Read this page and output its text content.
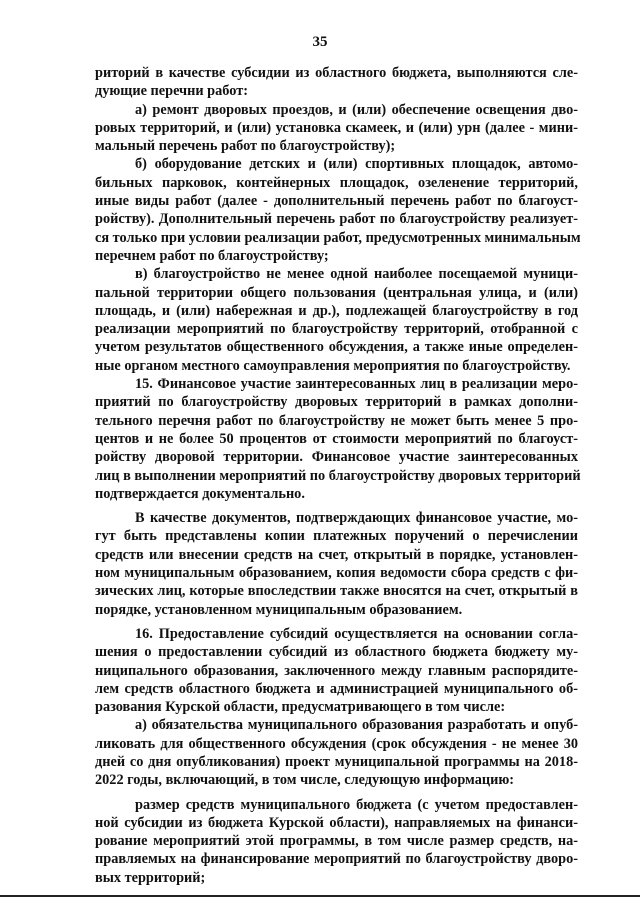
35
риторий в качестве субсидии из областного бюджета, выполняются сле-
дующие перечни работ:
а) ремонт дворовых проездов, и (или) обеспечение освещения дво-
ровых территорий, и (или) установка скамеек, и (или) урн (далее - мини-
мальный перечень работ по благоустройству);
б) оборудование детских и (или) спортивных площадок, автомо-
бильных парковок, контейнерных площадок, озеленение территорий,
иные виды работ (далее - дополнительный перечень работ по благоуст-
ройству). Дополнительный перечень работ по благоустройству реализует-
ся только при условии реализации работ, предусмотренных минимальным
перечнем работ по благоустройству;
в) благоустройство не менее одной наиболее посещаемой муници-
пальной территории общего пользования (центральная улица, и (или)
площадь, и (или) набережная и др.), подлежащей благоустройству в год
реализации мероприятий по благоустройству территорий, отобранной с
учетом результатов общественного обсуждения, а также иные определен-
ные органом местного самоуправления мероприятия по благоустройству.
15. Финансовое участие заинтересованных лиц в реализации меро-
приятий по благоустройству дворовых территорий в рамках дополни-
тельного перечня работ по благоустройству не может быть менее 5 про-
центов и не более 50 процентов от стоимости мероприятий по благоуст-
ройству дворовой территории. Финансовое участие заинтересованных
лиц в выполнении мероприятий по благоустройству дворовых территорий
подтверждается документально.
В качестве документов, подтверждающих финансовое участие, мо-
гут быть представлены копии платежных поручений о перечислении
средств или внесении средств на счет, открытый в порядке, установлен-
ном муниципальным образованием, копия ведомости сбора средств с фи-
зических лиц, которые впоследствии также вносятся на счет, открытый в
порядке, установленном муниципальным образованием.
16. Предоставление субсидий осуществляется на основании согла-
шения о предоставлении субсидий из областного бюджета бюджету му-
ниципального образования, заключенного между главным распорядите-
лем средств областного бюджета и администрацией муниципального об-
разования Курской области, предусматривающего в том числе:
а) обязательства муниципального образования разработать и опуб-
ликовать для общественного обсуждения (срок обсуждения - не менее 30
дней со дня опубликования) проект муниципальной программы на 2018-
2022 годы, включающий, в том числе, следующую информацию:
размер средств муниципального бюджета (с учетом предоставлен-
ной субсидии из бюджета Курской области), направляемых на финанси-
рование мероприятий этой программы, в том числе размер средств, на-
правляемых на финансирование мероприятий по благоустройству дворо-
вых территорий;
